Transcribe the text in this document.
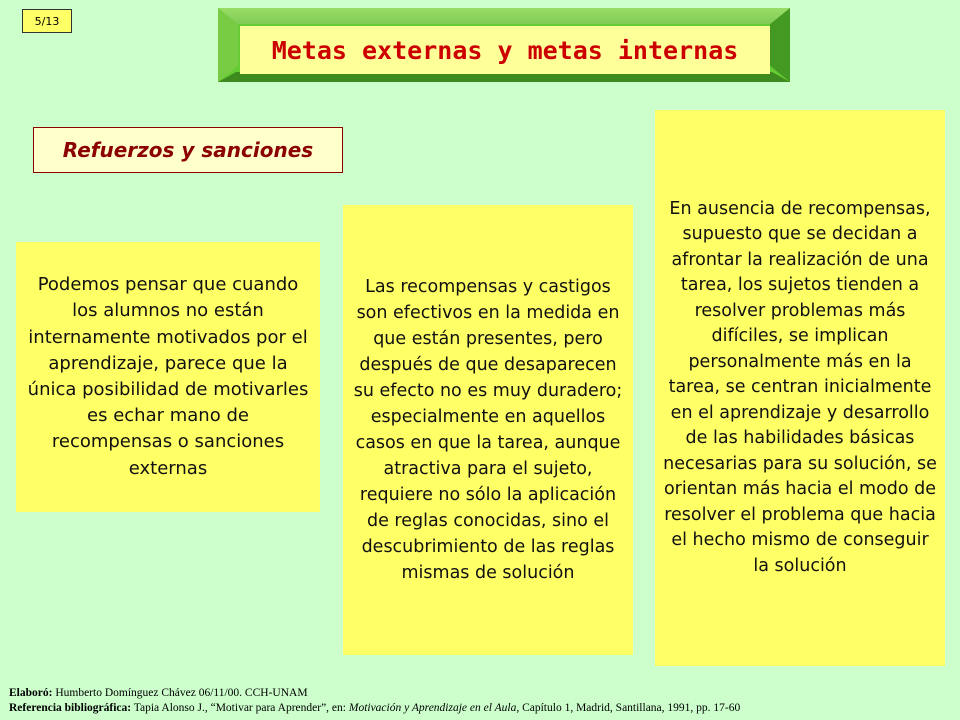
5/13
Metas externas y metas internas
Refuerzos y sanciones

Podemos pensar que cuando los alumnos no están internamente motivados por el aprendizaje, parece que la única posibilidad de motivarles es echar mano de recompensas o sanciones externas

Las recompensas y castigos son efectivos en la medida en que están presentes, pero después de que desaparecen su efecto no es muy duradero; especialmente en aquellos casos en que la tarea, aunque atractiva para el sujeto, requiere no sólo la aplicación de reglas conocidas, sino el descubrimiento de las reglas mismas de solución

En ausencia de recompensas, supuesto que se decidan a afrontar la realización de una tarea, los sujetos tienden a resolver problemas más difíciles, se implican personalmente más en la tarea, se centran inicialmente en el aprendizaje y desarrollo de las habilidades básicas necesarias para su solución, se orientan más hacia el modo de resolver el problema que hacia el hecho mismo de conseguir la solución

Elaboró: Humberto Domínguez Chávez 06/11/00. CCH-UNAM
Referencia bibliográfica: Tapia Alonso J., “Motivar para Aprender”, en: Motivación y Aprendizaje en el Aula, Capítulo 1, Madrid, Santillana, 1991, pp. 17-60
